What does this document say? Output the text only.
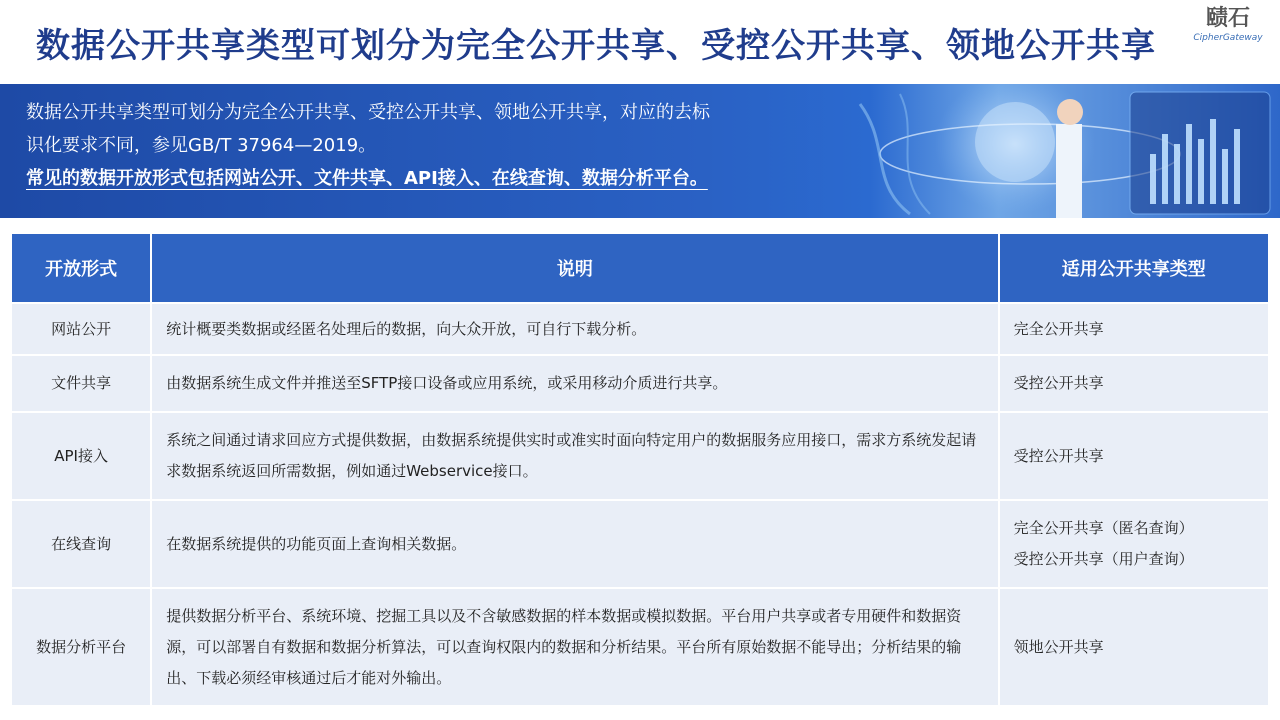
数据公开共享类型可划分为完全公开共享、受控公开共享、领地公开共享
赜石
CipherGateway
数据公开共享类型可划分为完全公开共享、受控公开共享、领地公开共享，对应的去标
识化要求不同，参见GB/T 37964—2019。
常见的数据开放形式包括网站公开、文件共享、API接入、在线查询、数据分析平台。
开放形式	说明	适用公开共享类型
网站公开	统计概要类数据或经匿名处理后的数据，向大众开放，可自行下载分析。	完全公开共享

文件共享	由数据系统生成文件并推送至SFTP接口设备或应用系统，或采用移动介质进行共享。	受控公开共享

API接入	系统之间通过请求回应方式提供数据，由数据系统提供实时或准实时面向特定用户的数据服务应用接口，需求方系统发起请求数据系统返回所需数据，例如通过Webservice接口。	受控公开共享

在线查询	在数据系统提供的功能页面上查询相关数据。	完全公开共享（匿名查询）
受控公开共享（用户查询）

数据分析平台	提供数据分析平台、系统环境、挖掘工具以及不含敏感数据的样本数据或模拟数据。平台用户共享或者专用硬件和数据资源，可以部署自有数据和数据分析算法，可以查询权限内的数据和分析结果。平台所有原始数据不能导出；分析结果的输出、下载必须经审核通过后才能对外输出。	领地公开共享
